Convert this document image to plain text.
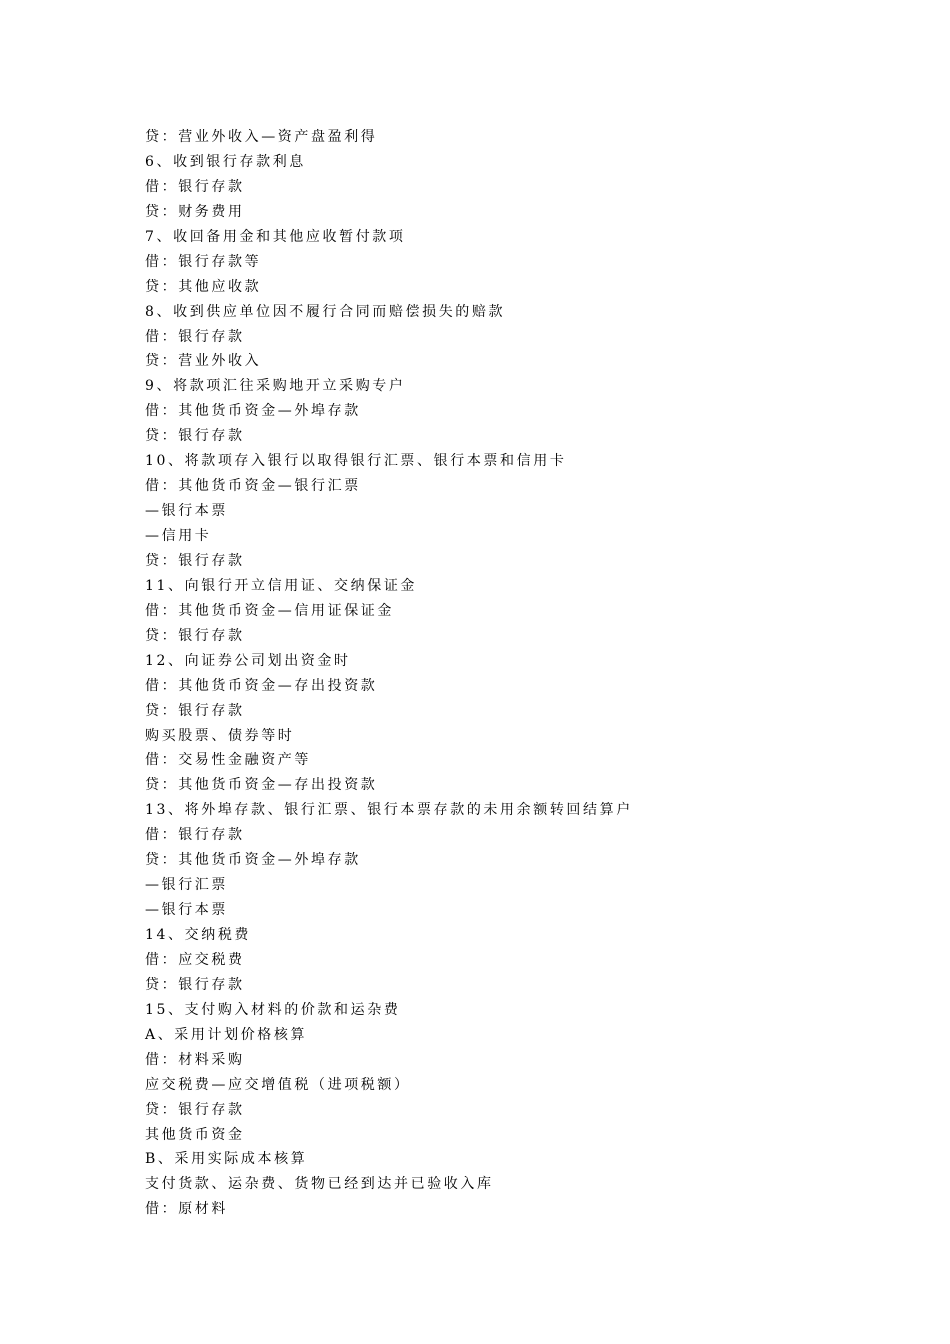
贷：营业外收入—资产盘盈利得
6、收到银行存款利息
借：银行存款
贷：财务费用
7、收回备用金和其他应收暂付款项
借：银行存款等
贷：其他应收款
8、收到供应单位因不履行合同而赔偿损失的赔款
借：银行存款
贷：营业外收入
9、将款项汇往采购地开立采购专户
借：其他货币资金—外埠存款
贷：银行存款
10、将款项存入银行以取得银行汇票、银行本票和信用卡
借：其他货币资金—银行汇票
—银行本票
—信用卡
贷：银行存款
11、向银行开立信用证、交纳保证金
借：其他货币资金—信用证保证金
贷：银行存款
12、向证券公司划出资金时
借：其他货币资金—存出投资款
贷：银行存款
购买股票、债券等时
借：交易性金融资产等
贷：其他货币资金—存出投资款
13、将外埠存款、银行汇票、银行本票存款的未用余额转回结算户
借：银行存款
贷：其他货币资金—外埠存款
—银行汇票
—银行本票
14、交纳税费
借：应交税费
贷：银行存款
15、支付购入材料的价款和运杂费
A、采用计划价格核算
借：材料采购
应交税费—应交增值税（进项税额）
贷：银行存款
其他货币资金
B、采用实际成本核算
支付货款、运杂费、货物已经到达并已验收入库
借：原材料
